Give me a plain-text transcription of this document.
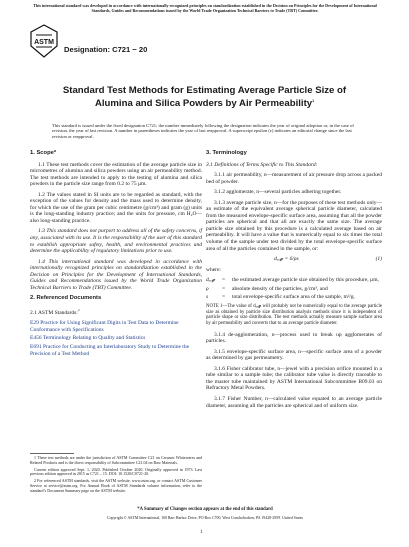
This international standard was developed in accordance with internationally recognized principles on standardization established in the Decision on Principles for the Development of International Standards, Guides and Recommendations issued by the World Trade Organization Technical Barriers to Trade (TBT) Committee.
ASTM
Designation: C721 − 20
Standard Test Methods for Estimating Average Particle Size of Alumina and Silica Powders by Air Permeability$^1$
This standard is issued under the fixed designation C721; the number immediately following the designation indicates the year of original adoption or, in the case of revision, the year of last revision. A number in parentheses indicates the year of last reapproval. A superscript epsilon (ε) indicates an editorial change since the last revision or reapproval.
1. Scope*

1.1 These test methods cover the estimation of the average particle size in micrometres of alumina and silica powders using an air permeability method. The test methods are intended to apply to the testing of alumina and silica powders in the particle size range from 0.2 to 75 µm.

1.2 The values stated in SI units are to be regarded as standard, with the exception of the values for density and the mass used to determine density, for which the use of the gram per cubic centimetre (g/cm³) and gram (g) units is the long-standing industry practice; and the units for pressure, cm H₂O—also long-standing practice.

1.3 This standard does not purport to address all of the safety concerns, if any, associated with its use. It is the responsibility of the user of this standard to establish appropriate safety, health, and environmental practices and determine the applicability of regulatory limitations prior to use.

1.4 This international standard was developed in accordance with internationally recognized principles on standardization established in the Decision on Principles for the Development of International Standards, Guides and Recommendations issued by the World Trade Organization Technical Barriers to Trade (TBT) Committee.

2. Referenced Documents

2.1 ASTM Standards:$^2$

E29 Practice for Using Significant Digits in Test Data to Determine Conformance with Specifications
E456 Terminology Relating to Quality and Statistics
E691 Practice for Conducting an Interlaboratory Study to Determine the Precision of a Test Method
3. Terminology

3.1 Definitions of Terms Specific to This Standard:

3.1.1 air permeability, n—measurement of air pressure drop across a packed bed of powder.

3.1.2 agglomerate, n—several particles adhering together.

3.1.3 average particle size, n—for the purposes of these test methods only—an estimate of the equivalent average spherical particle diameter, calculated from the measured envelope-specific surface area, assuming that all the powder particles are spherical and that all are exactly the same size. The average particle size obtained by this procedure is a calculated average based on air permeability. It will have a value that is numerically equal to six times the total volume of the sample under test divided by the total envelope-specific surface area of all the particles contained in the sample, or:

dₐᵥ𝓰 = 6/ρs	(1)

where:

dₐᵥ𝓰	=	the estimated average particle size obtained by this procedure, µm,
ρ	=	absolute density of the particles, g/cm³, and
s	=	total envelope-specific surface area of the sample, m²/g.

NOTE 1—The value of dₐᵥ𝓰 will probably not be numerically equal to the average particle size as obtained by particle size distribution analysis methods since it is independent of particle shape or size distribution. The test methods actually measure sample surface area by air permeability and converts that to an average particle diameter.

3.1.4 de-agglomeration, n—process used to break up agglomerates of particles.

3.1.5 envelope-specific surface area, n—specific surface area of a powder as determined by gas permeametry.

3.1.6 Fisher calibrator tube, n—jewel with a precision orifice mounted in a tube similar to a sample tube; the calibrator tube value is directly traceable to the master tube maintained by ASTM International Subcommittee B09.03 on Refractory Metal Powders.

3.1.7 Fisher Number, n—calculated value equated to an average particle diameter, assuming all the particles are spherical and of uniform size.

1 These test methods are under the jurisdiction of ASTM Committee C21 on Ceramic Whitewares and Related Products and is the direct responsibility of Subcommittee C21.04 on Raw Materials.

Current edition approved Sept. 1, 2020. Published October 2020. Originally approved in 1973. Last previous edition approved in 2015 as C721 – 15. DOI: 10.1520/C0721-20.

2 For referenced ASTM standards, visit the ASTM website, www.astm.org, or contact ASTM Customer Service at service@astm.org. For Annual Book of ASTM Standards volume information, refer to the standard’s Document Summary page on the ASTM website.

*A Summary of Changes section appears at the end of this standard
Copyright © ASTM International, 100 Barr Harbor Drive, PO Box C700, West Conshohocken, PA 19428-2959. United States
1
